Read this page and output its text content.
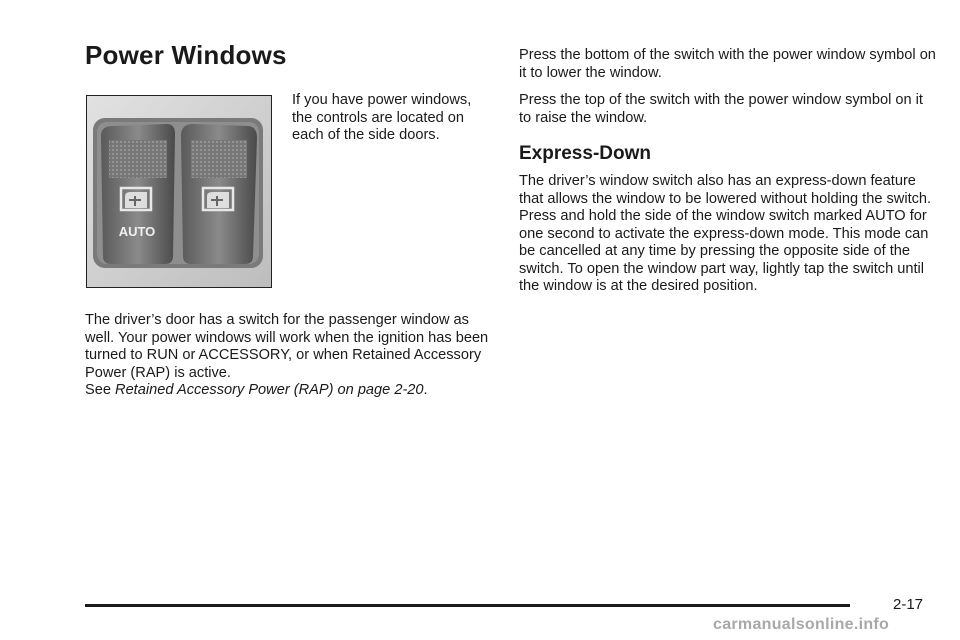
Power Windows
AUTO

If you have power windows, the controls are located on each of the side doors.

The driver’s door has a switch for the passenger window as well. Your power windows will work when the ignition has been turned to RUN or ACCESSORY, or when Retained Accessory Power (RAP) is active.
See Retained Accessory Power (RAP) on page 2-20.

Press the bottom of the switch with the power window symbol on it to lower the window.

Press the top of the switch with the power window symbol on it to raise the window.

Express-Down

The driver’s window switch also has an express-down feature that allows the window to be lowered without holding the switch. Press and hold the side of the window switch marked AUTO for one second to activate the express-down mode. This mode can be cancelled at any time by pressing the opposite side of the switch. To open the window part way, lightly tap the switch until the window is at the desired position.

2-17
carmanualsonline.info
